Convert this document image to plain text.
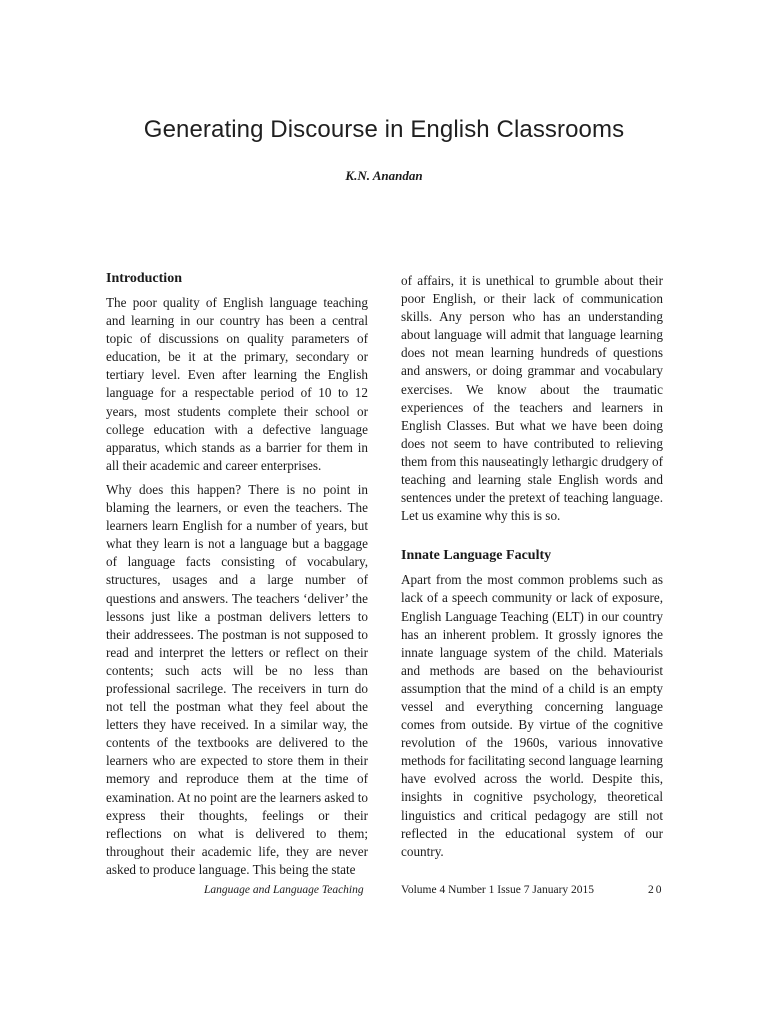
Generating Discourse in English Classrooms
K.N. Anandan
Introduction

The poor quality of English language teaching and learning in our country has been a central topic of discussions on quality parameters of education, be it at the primary, secondary or tertiary level. Even after learning the English language for a respectable period of 10 to 12 years, most students complete their school or college education with a defective language apparatus, which stands as a barrier for them in all their academic and career enterprises.

Why does this happen? There is no point in blaming the learners, or even the teachers. The learners learn English for a number of years, but what they learn is not a language but a baggage of language facts consisting of vocabulary, structures, usages and a large number of questions and answers. The teachers ‘deliver’ the lessons just like a postman delivers letters to their addressees. The postman is not supposed to read and interpret the letters or reflect on their contents; such acts will be no less than professional sacrilege. The receivers in turn do not tell the postman what they feel about the letters they have received. In a similar way, the contents of the textbooks are delivered to the learners who are expected to store them in their memory and reproduce them at the time of examination. At no point are the learners asked to express their thoughts, feelings or their reflections on what is delivered to them; throughout their academic life, they are never asked to produce language. This being the state

of affairs, it is unethical to grumble about their poor English, or their lack of communication skills. Any person who has an understanding about language will admit that language learning does not mean learning hundreds of questions and answers, or doing grammar and vocabulary exercises. We know about the traumatic experiences of the teachers and learners in English Classes. But what we have been doing does not seem to have contributed to relieving them from this nauseatingly lethargic drudgery of teaching and learning stale English words and sentences under the pretext of teaching language. Let us examine why this is so.

Innate Language Faculty

Apart from the most common problems such as lack of a speech community or lack of exposure, English Language Teaching (ELT) in our country has an inherent problem. It grossly ignores the innate language system of the child. Materials and methods are based on the behaviourist assumption that the mind of a child is an empty vessel and everything concerning language comes from outside. By virtue of the cognitive revolution of the 1960s, various innovative methods for facilitating second language learning have evolved across the world. Despite this, insights in cognitive psychology, theoretical linguistics and critical pedagogy are still not reflected in the educational system of our country.

Language and Language Teaching	Volume 4 Number 1 Issue 7 January 2015	20
